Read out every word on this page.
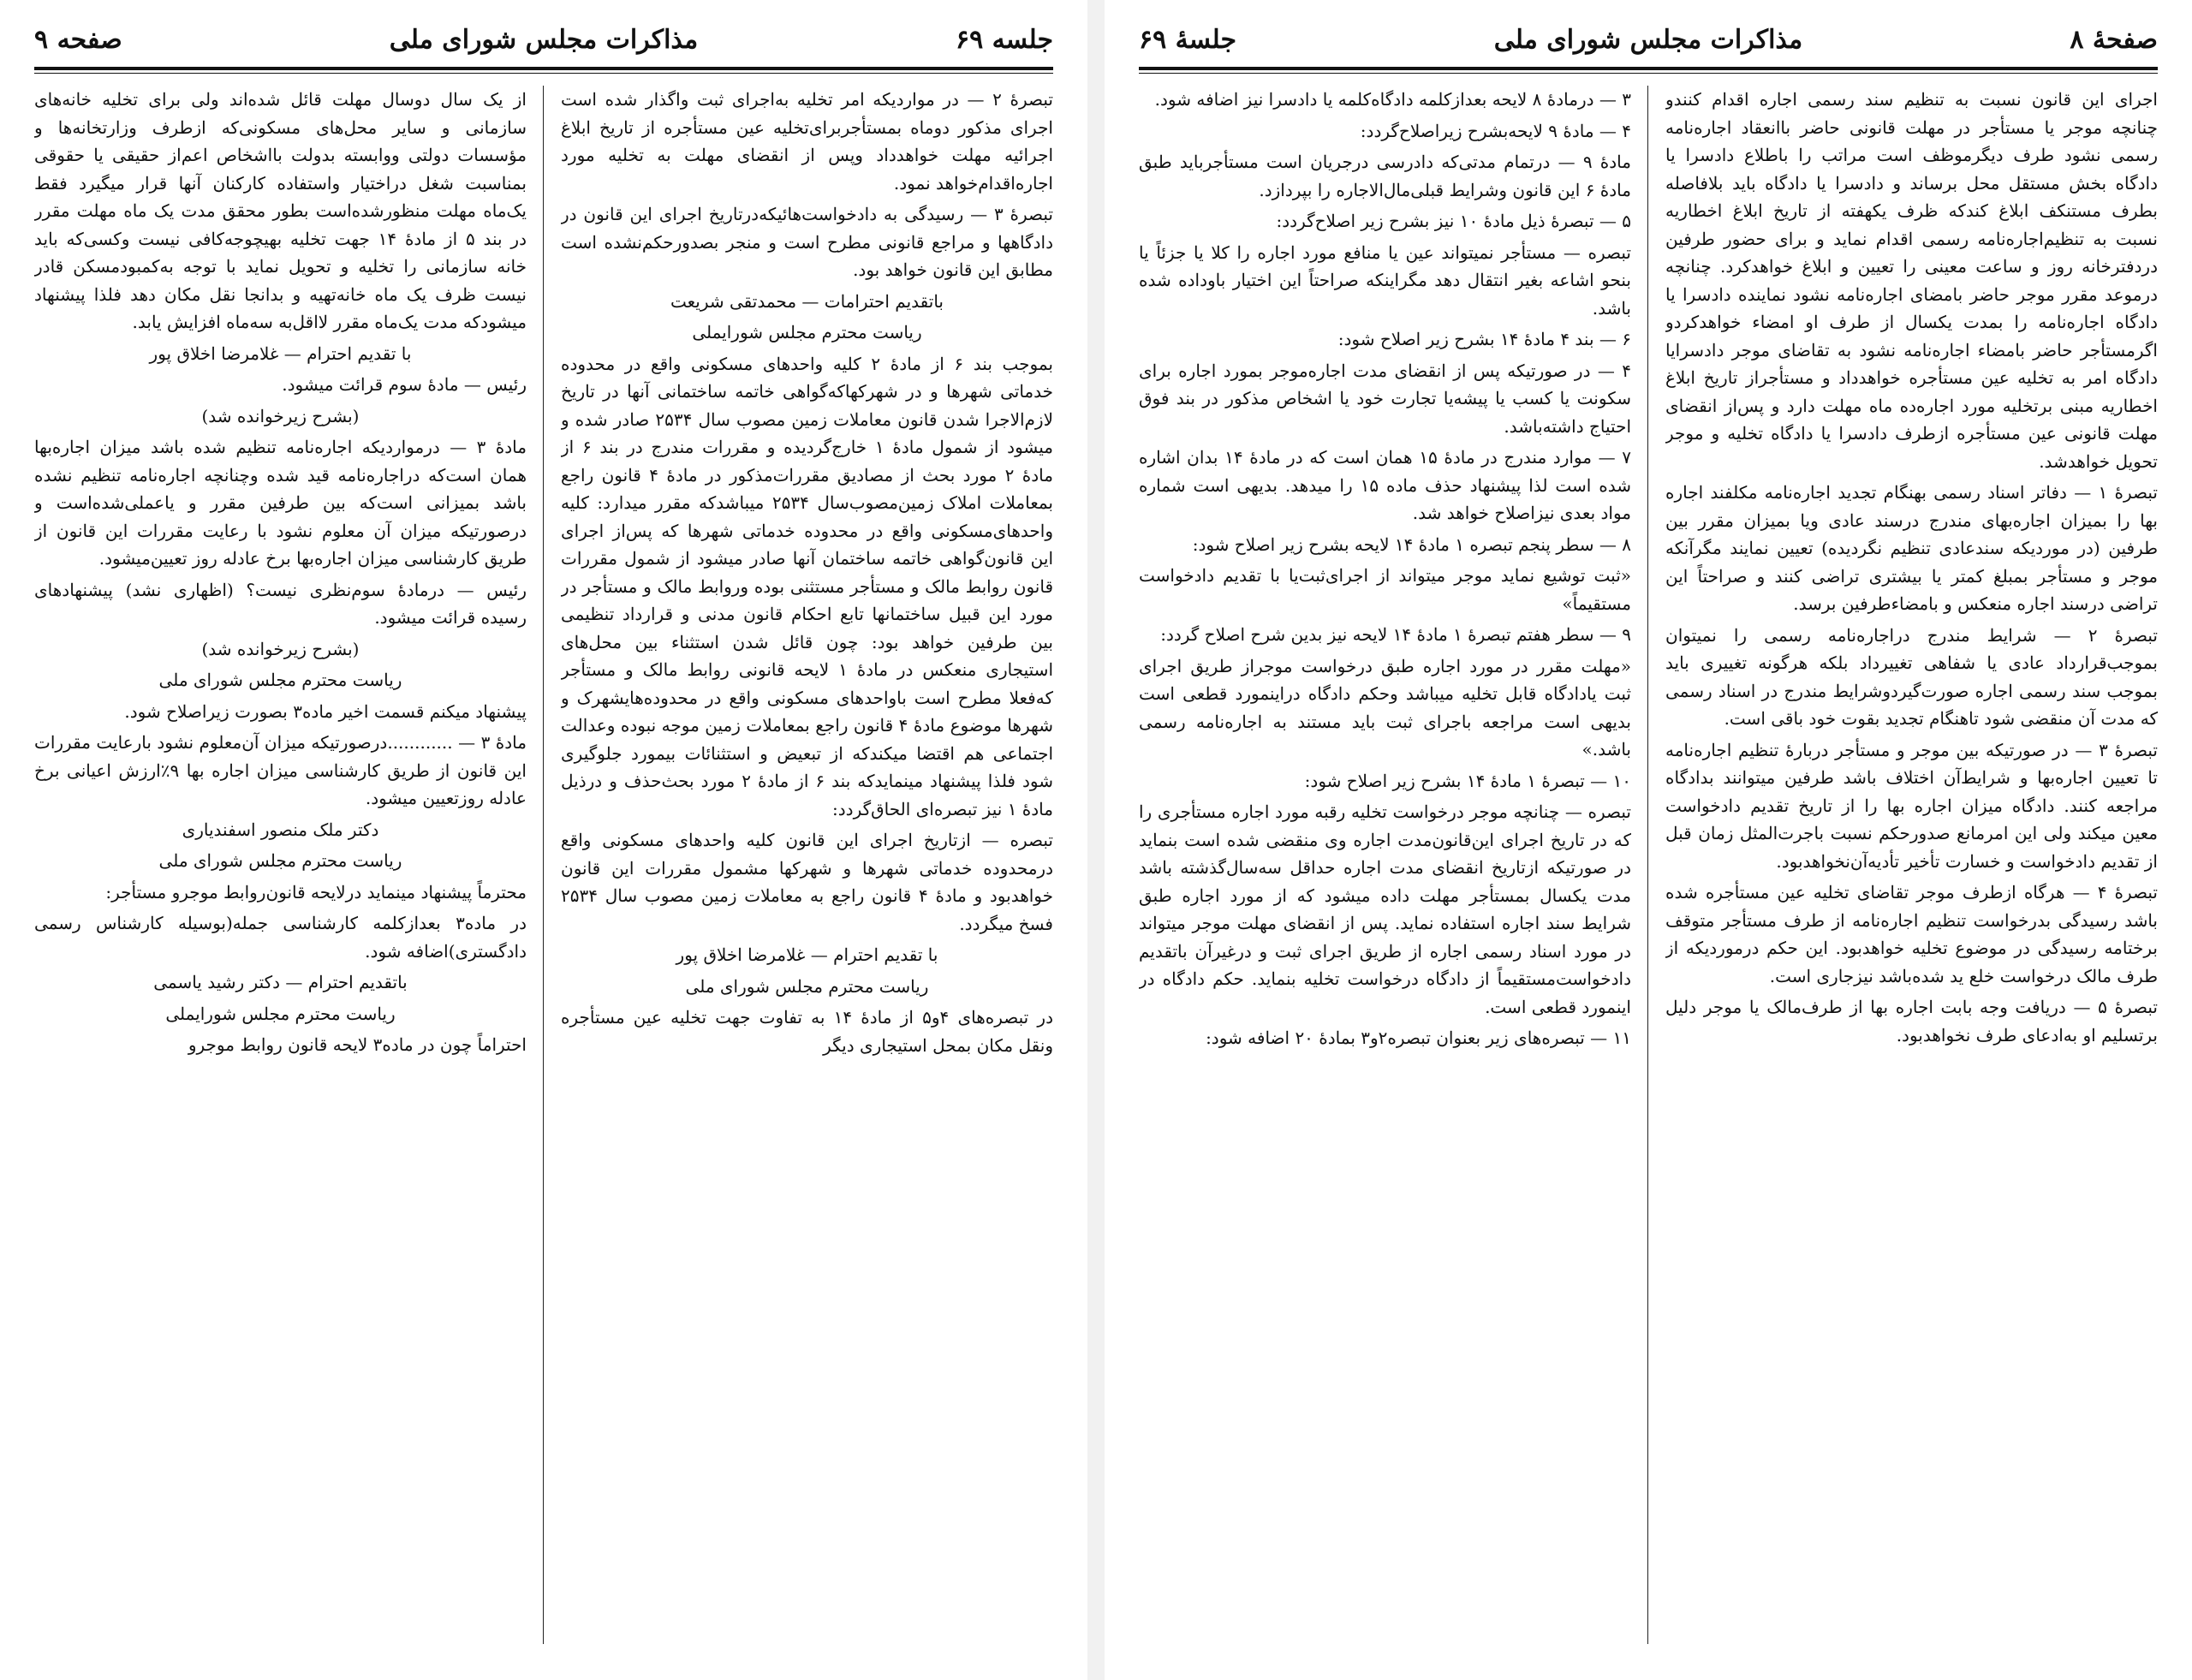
جلسه ۶۹
مذاکرات مجلس شورای ملی
صفحه ۹

تبصرهٔ ۲ — در مواردیکه امر تخلیه به‌اجرای ثبت واگذار شده است اجرای مذکور دوماه بمستأجربرای‌تخلیه عین مستأجره از تاریخ ابلاغ اجرائیه مهلت خواهدداد وپس از انقضای مهلت به تخلیه مورد اجاره‌اقدام‌خواهد نمود.

تبصرهٔ ۳ — رسیدگی به دادخواست‌هائیکه‌درتاریخ اجرای این قانون در دادگاهها و مراجع قانونی مطرح است و منجر بصدورحکم‌نشده است مطابق این قانون خواهد بود.

باتقدیم احترامات — محمدتقی شریعت

ریاست محترم مجلس شورایملی

بموجب بند ۶ از مادهٔ ۲ کلیه واحدهای مسکونی واقع در محدوده خدماتی شهرها و در شهرکهاکه‌گواهی خاتمه ساختمانی آنها در تاریخ لازم‌الاجرا شدن قانون معاملات زمین مصوب سال ۲۵۳۴ صادر شده و میشود از شمول مادهٔ ۱ خارج‌گردیده و مقررات مندرج در بند ۶ از مادهٔ ۲ مورد بحث از مصادیق مقررات‌مذکور در مادهٔ ۴ قانون راجع بمعاملات املاک زمین‌مصوب‌سال ۲۵۳۴ میباشدکه مقرر میدارد: کلیه واحدهای‌مسکونی واقع در محدوده خدماتی شهرها که پس‌از اجرای این قانون‌گواهی خاتمه ساختمان آنها صادر میشود از شمول مقررات قانون روابط مالک و مستأجر مستثنی بوده وروابط مالک و مستأجر در مورد این قبیل ساختمانها تابع احکام قانون مدنی و قرارداد تنظیمی بین طرفین خواهد بود: چون قائل شدن استثناء بین محل‌های استیجاری منعکس در مادهٔ ۱ لایحه قانونی روابط مالک و مستأجر که‌فعلا مطرح است باواحدهای مسکونی واقع در محدوده‌هایشهرک و شهرها موضوع مادهٔ ۴ قانون راجع بمعاملات زمین موجه نبوده وعدالت اجتماعی هم اقتضا میکندکه از تبعیض و استثنائات بیمورد جلوگیری شود فلذا پیشنهاد مینمایدکه بند ۶ از مادهٔ ۲ مورد بحث‌حذف و درذیل مادهٔ ۱ نیز تبصره‌ای الحاق‌گردد:

تبصره — ازتاریخ اجرای این قانون کلیه واحدهای مسکونی واقع درمحدوده خدماتی شهرها و شهرکها مشمول مقررات این قانون خواهدبود و مادهٔ ۴ قانون راجع به معاملات زمین مصوب سال ۲۵۳۴ فسخ میگردد.

با تقدیم احترام — غلامرضا اخلاق پور

ریاست محترم مجلس شورای ملی

در تبصره‌های ۴و۵ از مادهٔ ۱۴ به تفاوت جهت تخلیه عین مستأجره ونقل مکان بمحل استیجاری دیگر

از یک سال دوسال مهلت قائل شده‌اند ولی برای تخلیه خانه‌های سازمانی و سایر محل‌های مسکونی‌که ازطرف وزارتخانه‌ها و مؤسسات دولتی ووابسته بدولت بااشخاص اعم‌از حقیقی یا حقوقی بمناسبت شغل دراختیار واستفاده کارکنان آنها قرار میگیرد فقط یک‌ماه مهلت منظورشده‌است بطور محقق مدت یک ماه مهلت مقرر در بند ۵ از مادهٔ ۱۴ جهت تخلیه بهیچوجه‌کافی نیست وکسی‌که باید خانه سازمانی را تخلیه و تحویل نماید با توجه به‌کمبودمسکن قادر نیست ظرف یک ماه خانه‌تهیه و بدانجا نقل مکان دهد فلذا پیشنهاد میشودکه مدت یک‌ماه مقرر لااقل‌به سه‌ماه افزایش یابد.

با تقدیم احترام — غلامرضا اخلاق پور

رئیس — مادهٔ سوم قرائت میشود.

(بشرح زیرخوانده شد)

مادهٔ ۳ — درمواردیکه اجاره‌نامه تنظیم شده باشد میزان اجاره‌بها همان است‌که دراجاره‌نامه قید شده وچنانچه اجاره‌نامه تنظیم نشده باشد بمیزانی است‌که بین طرفین مقرر و یاعملی‌شده‌است و درصورتیکه میزان آن معلوم نشود با رعایت مقررات این قانون از طریق کارشناسی میزان اجاره‌بها برخ عادله روز تعیین‌میشود.

رئیس — درمادهٔ سوم‌نظری نیست؟ (اظهاری نشد) پیشنهادهای رسیده قرائت میشود.

(بشرح زیرخوانده شد)

ریاست محترم مجلس شورای ملی

پیشنهاد میکنم قسمت اخیر ماده۳ بصورت زیراصلاح شود.

مادهٔ ۳ — ............درصورتیکه میزان آن‌معلوم نشود بارعایت مقررات این قانون از طریق کارشناسی میزان اجاره بها ۹٪ارزش اعیانی برخ عادله روزتعیین میشود.

دکتر ملک منصور اسفندیاری

ریاست محترم مجلس شورای ملی

محترماً پیشنهاد مینماید درلایحه قانون‌روابط موجرو مستأجر:

در ماده۳ بعدازکلمه کارشناسی جمله(بوسیله کارشناس رسمی دادگستری)اضافه شود.

باتقدیم احترام — دکتر رشید یاسمی

ریاست محترم مجلس شورایملی

احتراماً چون در ماده۳ لایحه قانون روابط موجرو

صفحهٔ ۸
مذاکرات مجلس شورای ملی
جلسهٔ ۶۹

اجرای این قانون نسبت به تنظیم سند رسمی اجاره اقدام کنندو چنانچه موجر یا مستأجر در مهلت قانونی حاضر باانعقاد اجاره‌نامه رسمی نشود طرف دیگرموظف است مراتب را باطلاع دادسرا یا دادگاه بخش مستقل محل برساند و دادسرا یا دادگاه باید بلافاصله بطرف مستنکف ابلاغ کندکه ظرف یکهفته از تاریخ ابلاغ اخطاریه نسبت به تنظیم‌اجاره‌نامه رسمی اقدام نماید و برای حضور طرفین دردفترخانه روز و ساعت معینی را تعیین و ابلاغ خواهدکرد. چنانچه درموعد مقرر موجر حاضر بامضای اجاره‌نامه نشود نماینده دادسرا یا دادگاه اجاره‌نامه را بمدت یکسال از طرف او امضاء خواهدکردو اگرمستأجر حاضر بامضاء اجاره‌نامه نشود به تقاضای موجر دادسرایا دادگاه امر به تخلیه عین مستأجره خواهدداد و مستأجراز تاریخ ابلاغ اخطاریه مبنی برتخلیه مورد اجاره‌ده ماه مهلت دارد و پس‌از انقضای مهلت قانونی عین مستأجره ازطرف دادسرا یا دادگاه تخلیه و موجر تحویل خواهدشد.

تبصرهٔ ۱ — دفاتر اسناد رسمی بهنگام تجدید اجاره‌نامه مکلفند اجاره بها را بمیزان اجاره‌بهای مندرج درسند عادی ویا بمیزان مقرر بین طرفین (در موردیکه سندعادی تنظیم نگردیده) تعیین نمایند مگرآنکه موجر و مستأجر بمبلغ کمتر یا بیشتری تراضی کنند و صراحتاً این تراضی درسند اجاره منعکس و بامضاءطرفین برسد.

تبصرهٔ ۲ — شرایط مندرج دراجاره‌نامه رسمی را نمیتوان بموجب‌قرارداد عادی یا شفاهی تغییرداد بلکه هرگونه تغییری باید بموجب سند رسمی اجاره صورت‌گیردوشرایط مندرج در اسناد رسمی که مدت آن منقضی شود تاهنگام تجدید بقوت خود باقی است.

تبصرهٔ ۳ — در صورتیکه بین موجر و مستأجر دربارهٔ تنظیم اجاره‌نامه تا تعیین اجاره‌بها و شرایط‌آن اختلاف باشد طرفین میتوانند بدادگاه مراجعه کنند. دادگاه میزان اجاره بها را از تاریخ تقدیم دادخواست معین میکند ولی این امرمانع صدورحکم نسبت باجرت‌المثل زمان قبل از تقدیم دادخواست و خسارت تأخیر تأدیه‌آن‌نخواهدبود.

تبصرهٔ ۴ — هرگاه ازطرف موجر تقاضای تخلیه عین مستأجره شده باشد رسیدگی بدرخواست تنظیم اجاره‌نامه از طرف مستأجر متوقف برختامه رسیدگی در موضوع تخلیه خواهدبود. این حکم درمورد‌یکه از طرف مالک درخواست خلع ید شده‌باشد نیزجاری است.

تبصرهٔ ۵ — دریافت وجه بابت اجاره بها از طرف‌مالک یا موجر دلیل برتسلیم او به‌ادعای طرف نخواهدبود.

۳ — درمادهٔ ۸ لایحه بعدازکلمه دادگاه‌کلمه یا دادسرا نیز اضافه شود.

۴ — مادهٔ ۹ لایحه‌بشرح زیراصلاح‌گردد:

مادهٔ ۹ — درتمام مدتی‌که دادرسی درجریان است مستأجرباید طبق مادهٔ ۶ این قانون وشرایط قبلی‌مال‌الاجاره را بپردازد.

۵ — تبصرهٔ ذیل مادهٔ ۱۰ نیز بشرح زیر اصلاح‌گردد:

تبصره — مستأجر نمیتواند عین یا منافع مورد اجاره را کلا یا جزئاً یا بنحو اشاعه بغیر انتقال دهد مگراینکه صراحتاً این اختیار باوداده شده باشد.

۶ — بند ۴ مادهٔ ۱۴ بشرح زیر اصلاح شود:

۴ — در صورتیکه پس از انقضای مدت اجاره‌موجر بمورد اجاره برای سکونت یا کسب یا پیشه‌یا تجارت خود یا اشخاص مذکور در بند فوق احتیاج داشته‌باشد.

۷ — موارد مندرج در مادهٔ ۱۵ همان است که در مادهٔ ۱۴ بدان اشاره شده است لذا پیشنهاد حذف ماده ۱۵ را میدهد. بدیهی است شماره مواد بعدی نیزاصلاح خواهد شد.

۸ — سطر پنجم تبصره ۱ مادهٔ ۱۴ لایحه بشرح زیر اصلاح شود:

«ثبت توشیع نماید موجر میتواند از اجرای‌ثبت‌یا با تقدیم دادخواست مستقیماً»

۹ — سطر هفتم تبصرهٔ ۱ مادهٔ ۱۴ لایحه نیز بدین شرح اصلاح گردد:

«مهلت مقرر در مورد اجاره طبق درخواست موجراز طریق اجرای ثبت یادادگاه قابل تخلیه میباشد وحکم دادگاه دراینمورد قطعی است بدیهی است مراجعه باجرای ثبت باید مستند به اجاره‌نامه رسمی باشد.»

۱۰ — تبصرهٔ ۱ مادهٔ ۱۴ بشرح زیر اصلاح شود:

تبصره — چنانچه موجر درخواست تخلیه رقبه مورد اجاره مستأجری را که در تاریخ اجرای این‌قانون‌مدت اجاره وی منقضی شده است بنماید در صورتیکه ازتاریخ انقضای مدت اجاره حداقل سه‌سال‌گذشته باشد مدت یکسال بمستأجر مهلت داده میشود که از مورد اجاره طبق شرایط سند اجاره استفاده نماید. پس از انقضای مهلت موجر میتواند در مورد اسناد رسمی اجاره از طریق اجرای ثبت و درغیرآن باتقدیم دادخواست‌مستقیماً از دادگاه درخواست تخلیه بنماید. حکم دادگاه در اینمورد قطعی است.

۱۱ — تبصره‌های زیر بعنوان تبصره‌۲و۳ بمادهٔ ۲۰ اضافه شود:
